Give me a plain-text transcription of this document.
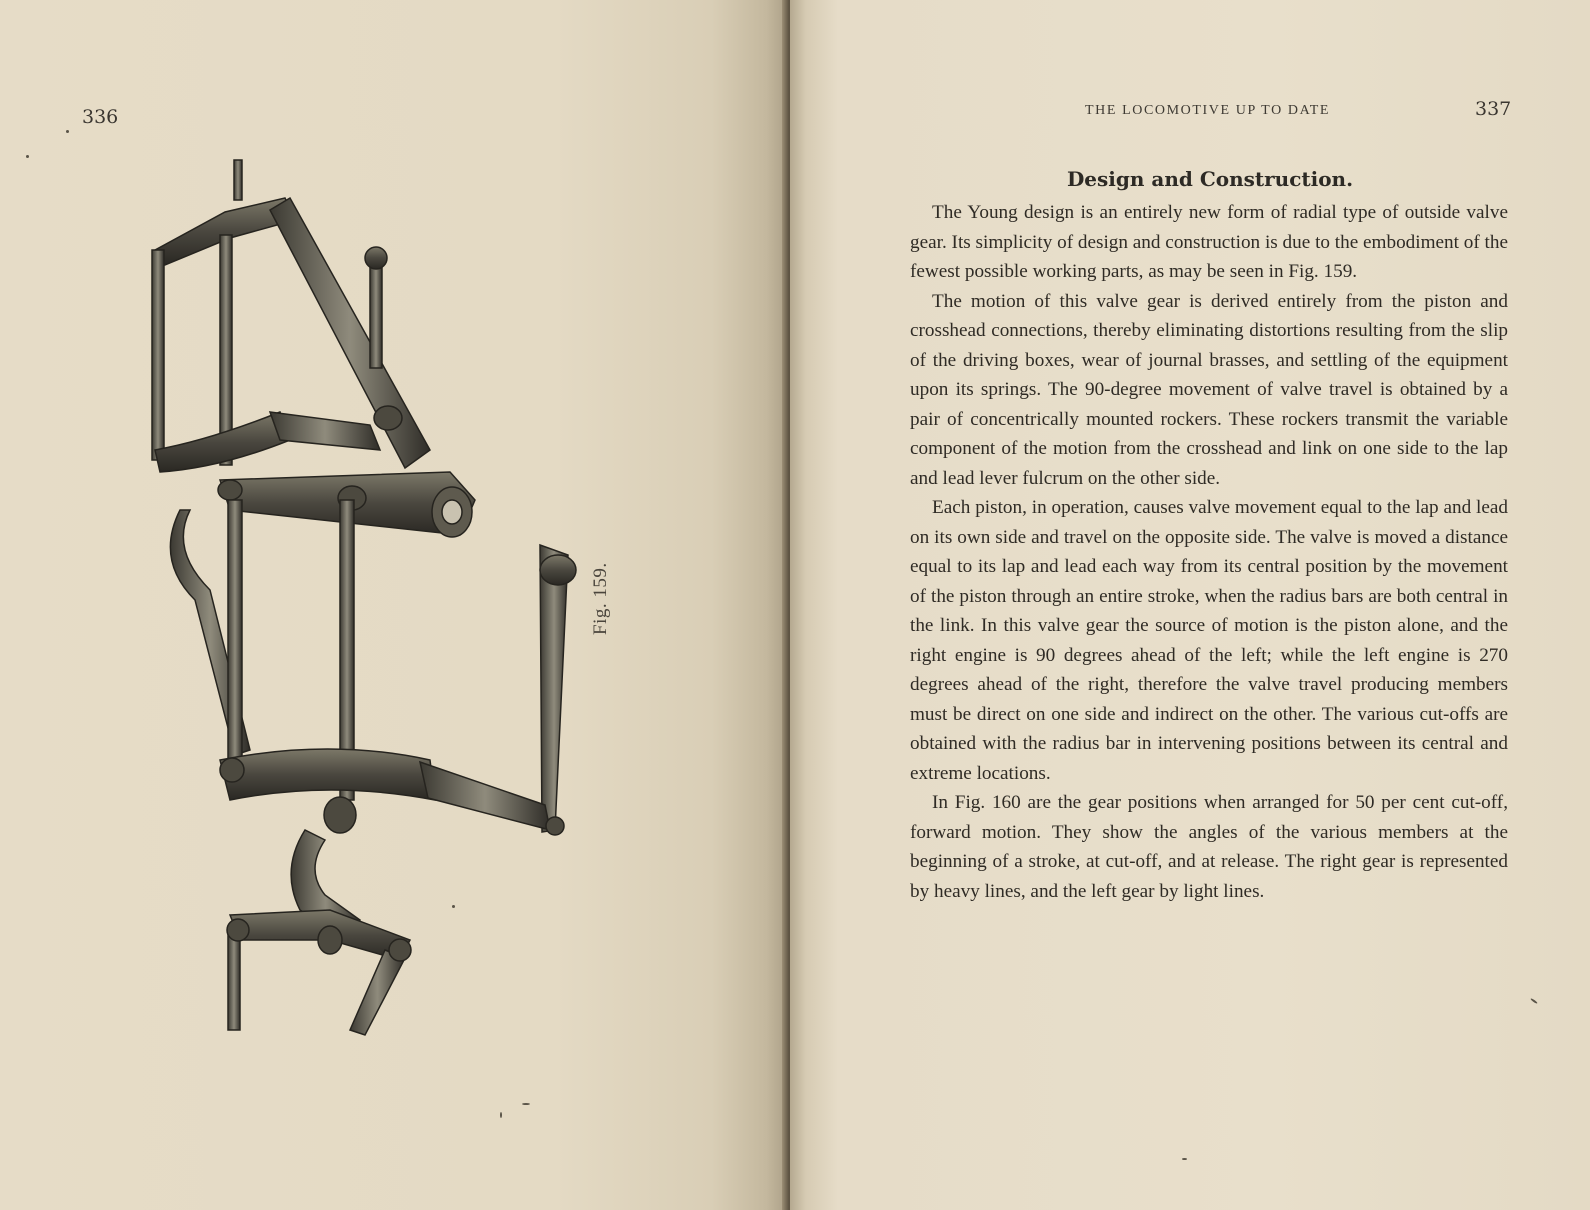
336
Fig. 159.
THE LOCOMOTIVE UP TO DATE	337
Design and Construction.

The Young design is an entirely new form of radial type of outside valve gear. Its simplicity of design and construction is due to the embodiment of the fewest possible working parts, as may be seen in Fig. 159.

The motion of this valve gear is derived entirely from the piston and crosshead connections, thereby eliminating distortions resulting from the slip of the driving boxes, wear of journal brasses, and settling of the equipment upon its springs. The 90-degree movement of valve travel is obtained by a pair of concentrically mounted rockers. These rockers transmit the variable component of the motion from the crosshead and link on one side to the lap and lead lever fulcrum on the other side.

Each piston, in operation, causes valve movement equal to the lap and lead on its own side and travel on the opposite side. The valve is moved a distance equal to its lap and lead each way from its central position by the movement of the piston through an entire stroke, when the radius bars are both central in the link. In this valve gear the source of motion is the piston alone, and the right engine is 90 degrees ahead of the left; while the left engine is 270 degrees ahead of the right, therefore the valve travel producing members must be direct on one side and indirect on the other. The various cut-offs are obtained with the radius bar in intervening positions between its central and extreme locations.

In Fig. 160 are the gear positions when arranged for 50 per cent cut-off, forward motion. They show the angles of the various members at the beginning of a stroke, at cut-off, and at release. The right gear is represented by heavy lines, and the left gear by light lines.
